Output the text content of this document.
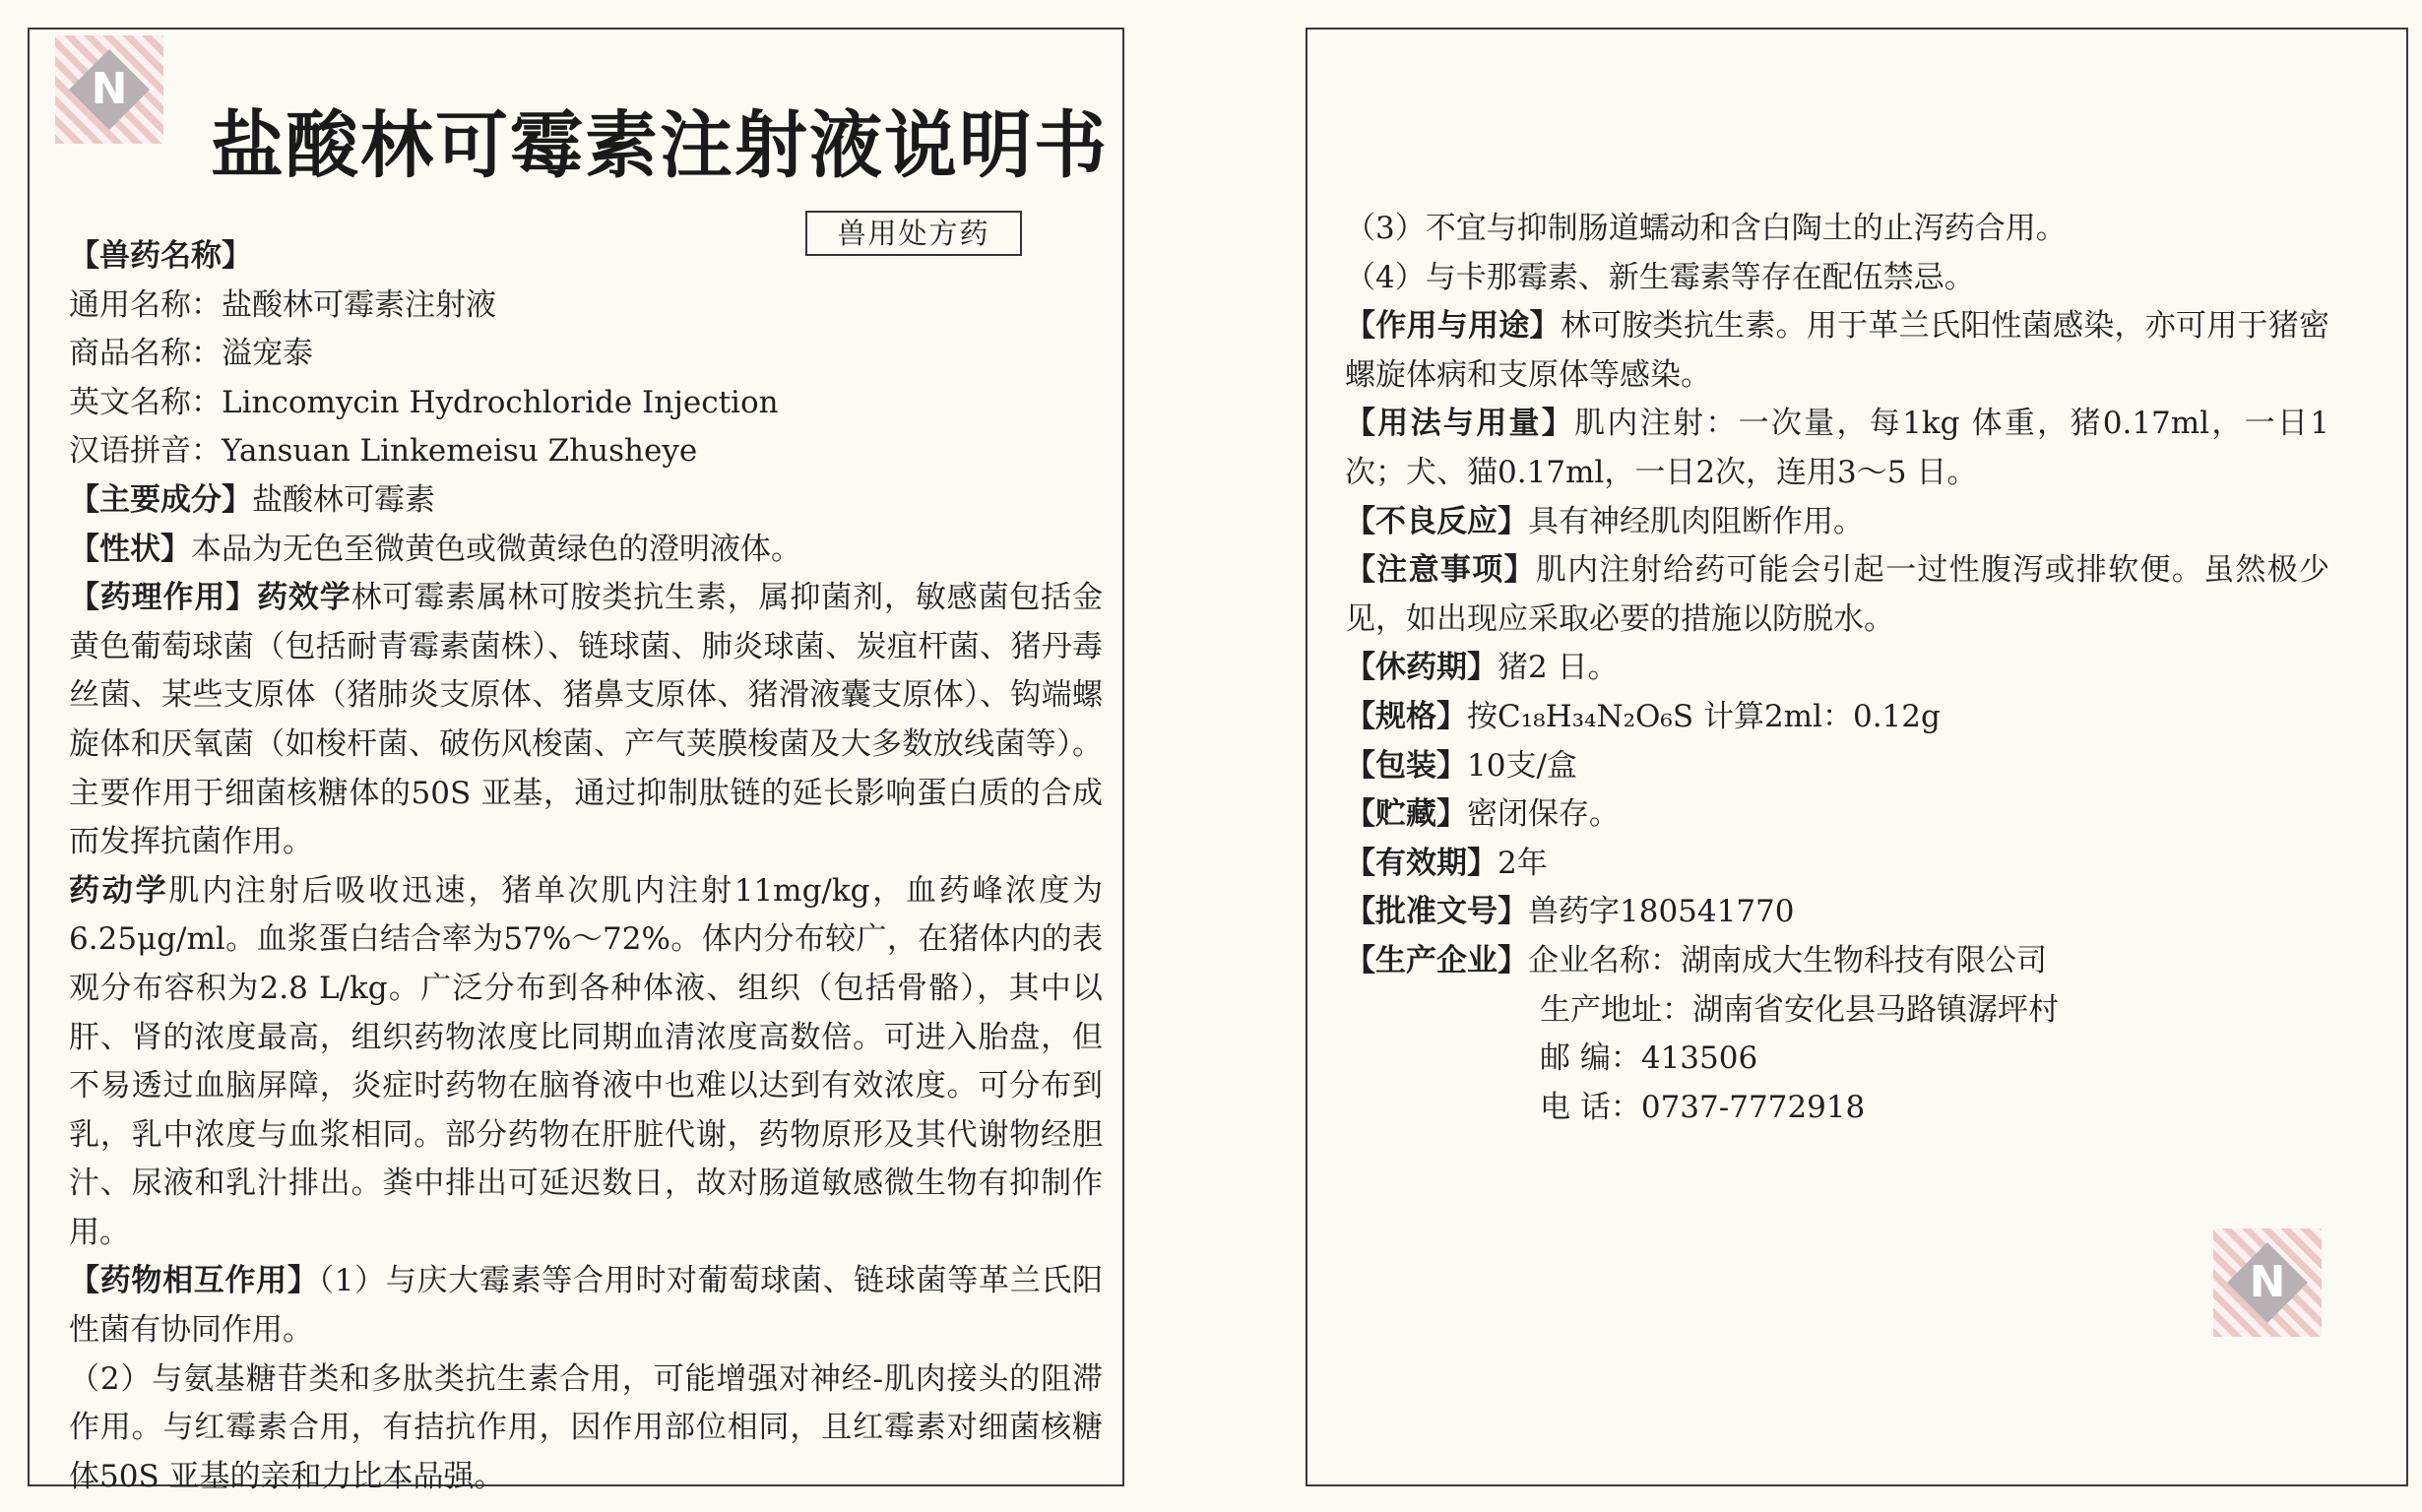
N
N
盐酸林可霉素注射液说明书
兽用处方药

【兽药名称】

通用名称：盐酸林可霉素注射液

商品名称：溢宠泰

英文名称：Lincomycin Hydrochloride Injection

汉语拼音：Yansuan Linkemeisu Zhusheye

【主要成分】盐酸林可霉素

【性状】本品为无色至微黄色或微黄绿色的澄明液体。

【药理作用】药效学林可霉素属林可胺类抗生素，属抑菌剂，敏感菌包括金黄色葡萄球菌（包括耐青霉素菌株）、链球菌、肺炎球菌、炭疽杆菌、猪丹毒丝菌、某些支原体（猪肺炎支原体、猪鼻支原体、猪滑液囊支原体）、钩端螺旋体和厌氧菌（如梭杆菌、破伤风梭菌、产气荚膜梭菌及大多数放线菌等）。主要作用于细菌核糖体的50S 亚基，通过抑制肽链的延长影响蛋白质的合成而发挥抗菌作用。

药动学肌内注射后吸收迅速，猪单次肌内注射11mg/kg，血药峰浓度为6.25μg/ml。血浆蛋白结合率为57%～72%。体内分布较广，在猪体内的表观分布容积为2.8 L/kg。广泛分布到各种体液、组织（包括骨骼），其中以肝、肾的浓度最高，组织药物浓度比同期血清浓度高数倍。可进入胎盘，但不易透过血脑屏障，炎症时药物在脑脊液中也难以达到有效浓度。可分布到乳，乳中浓度与血浆相同。部分药物在肝脏代谢，药物原形及其代谢物经胆汁、尿液和乳汁排出。粪中排出可延迟数日，故对肠道敏感微生物有抑制作用。

【药物相互作用】（1）与庆大霉素等合用时对葡萄球菌、链球菌等革兰氏阳性菌有协同作用。

（2）与氨基糖苷类和多肽类抗生素合用，可能增强对神经-肌肉接头的阻滞作用。与红霉素合用，有拮抗作用，因作用部位相同，且红霉素对细菌核糖体50S 亚基的亲和力比本品强。

（3）不宜与抑制肠道蠕动和含白陶土的止泻药合用。

（4）与卡那霉素、新生霉素等存在配伍禁忌。

【作用与用途】林可胺类抗生素。用于革兰氏阳性菌感染，亦可用于猪密螺旋体病和支原体等感染。

【用法与用量】肌内注射：一次量，每1kg 体重，猪0.17ml，一日1 次；犬、猫0.17ml，一日2次，连用3～5 日。

【不良反应】具有神经肌肉阻断作用。

【注意事项】肌内注射给药可能会引起一过性腹泻或排软便。虽然极少见，如出现应采取必要的措施以防脱水。

【休药期】猪2 日。

【规格】按C₁₈H₃₄N₂O₆S 计算2ml：0.12g

【包装】10支/盒

【贮藏】密闭保存。

【有效期】2年

【批准文号】兽药字180541770

【生产企业】企业名称：湖南成大生物科技有限公司

生产地址：湖南省安化县马路镇潺坪村

邮 编：413506

电 话：0737-7772918
